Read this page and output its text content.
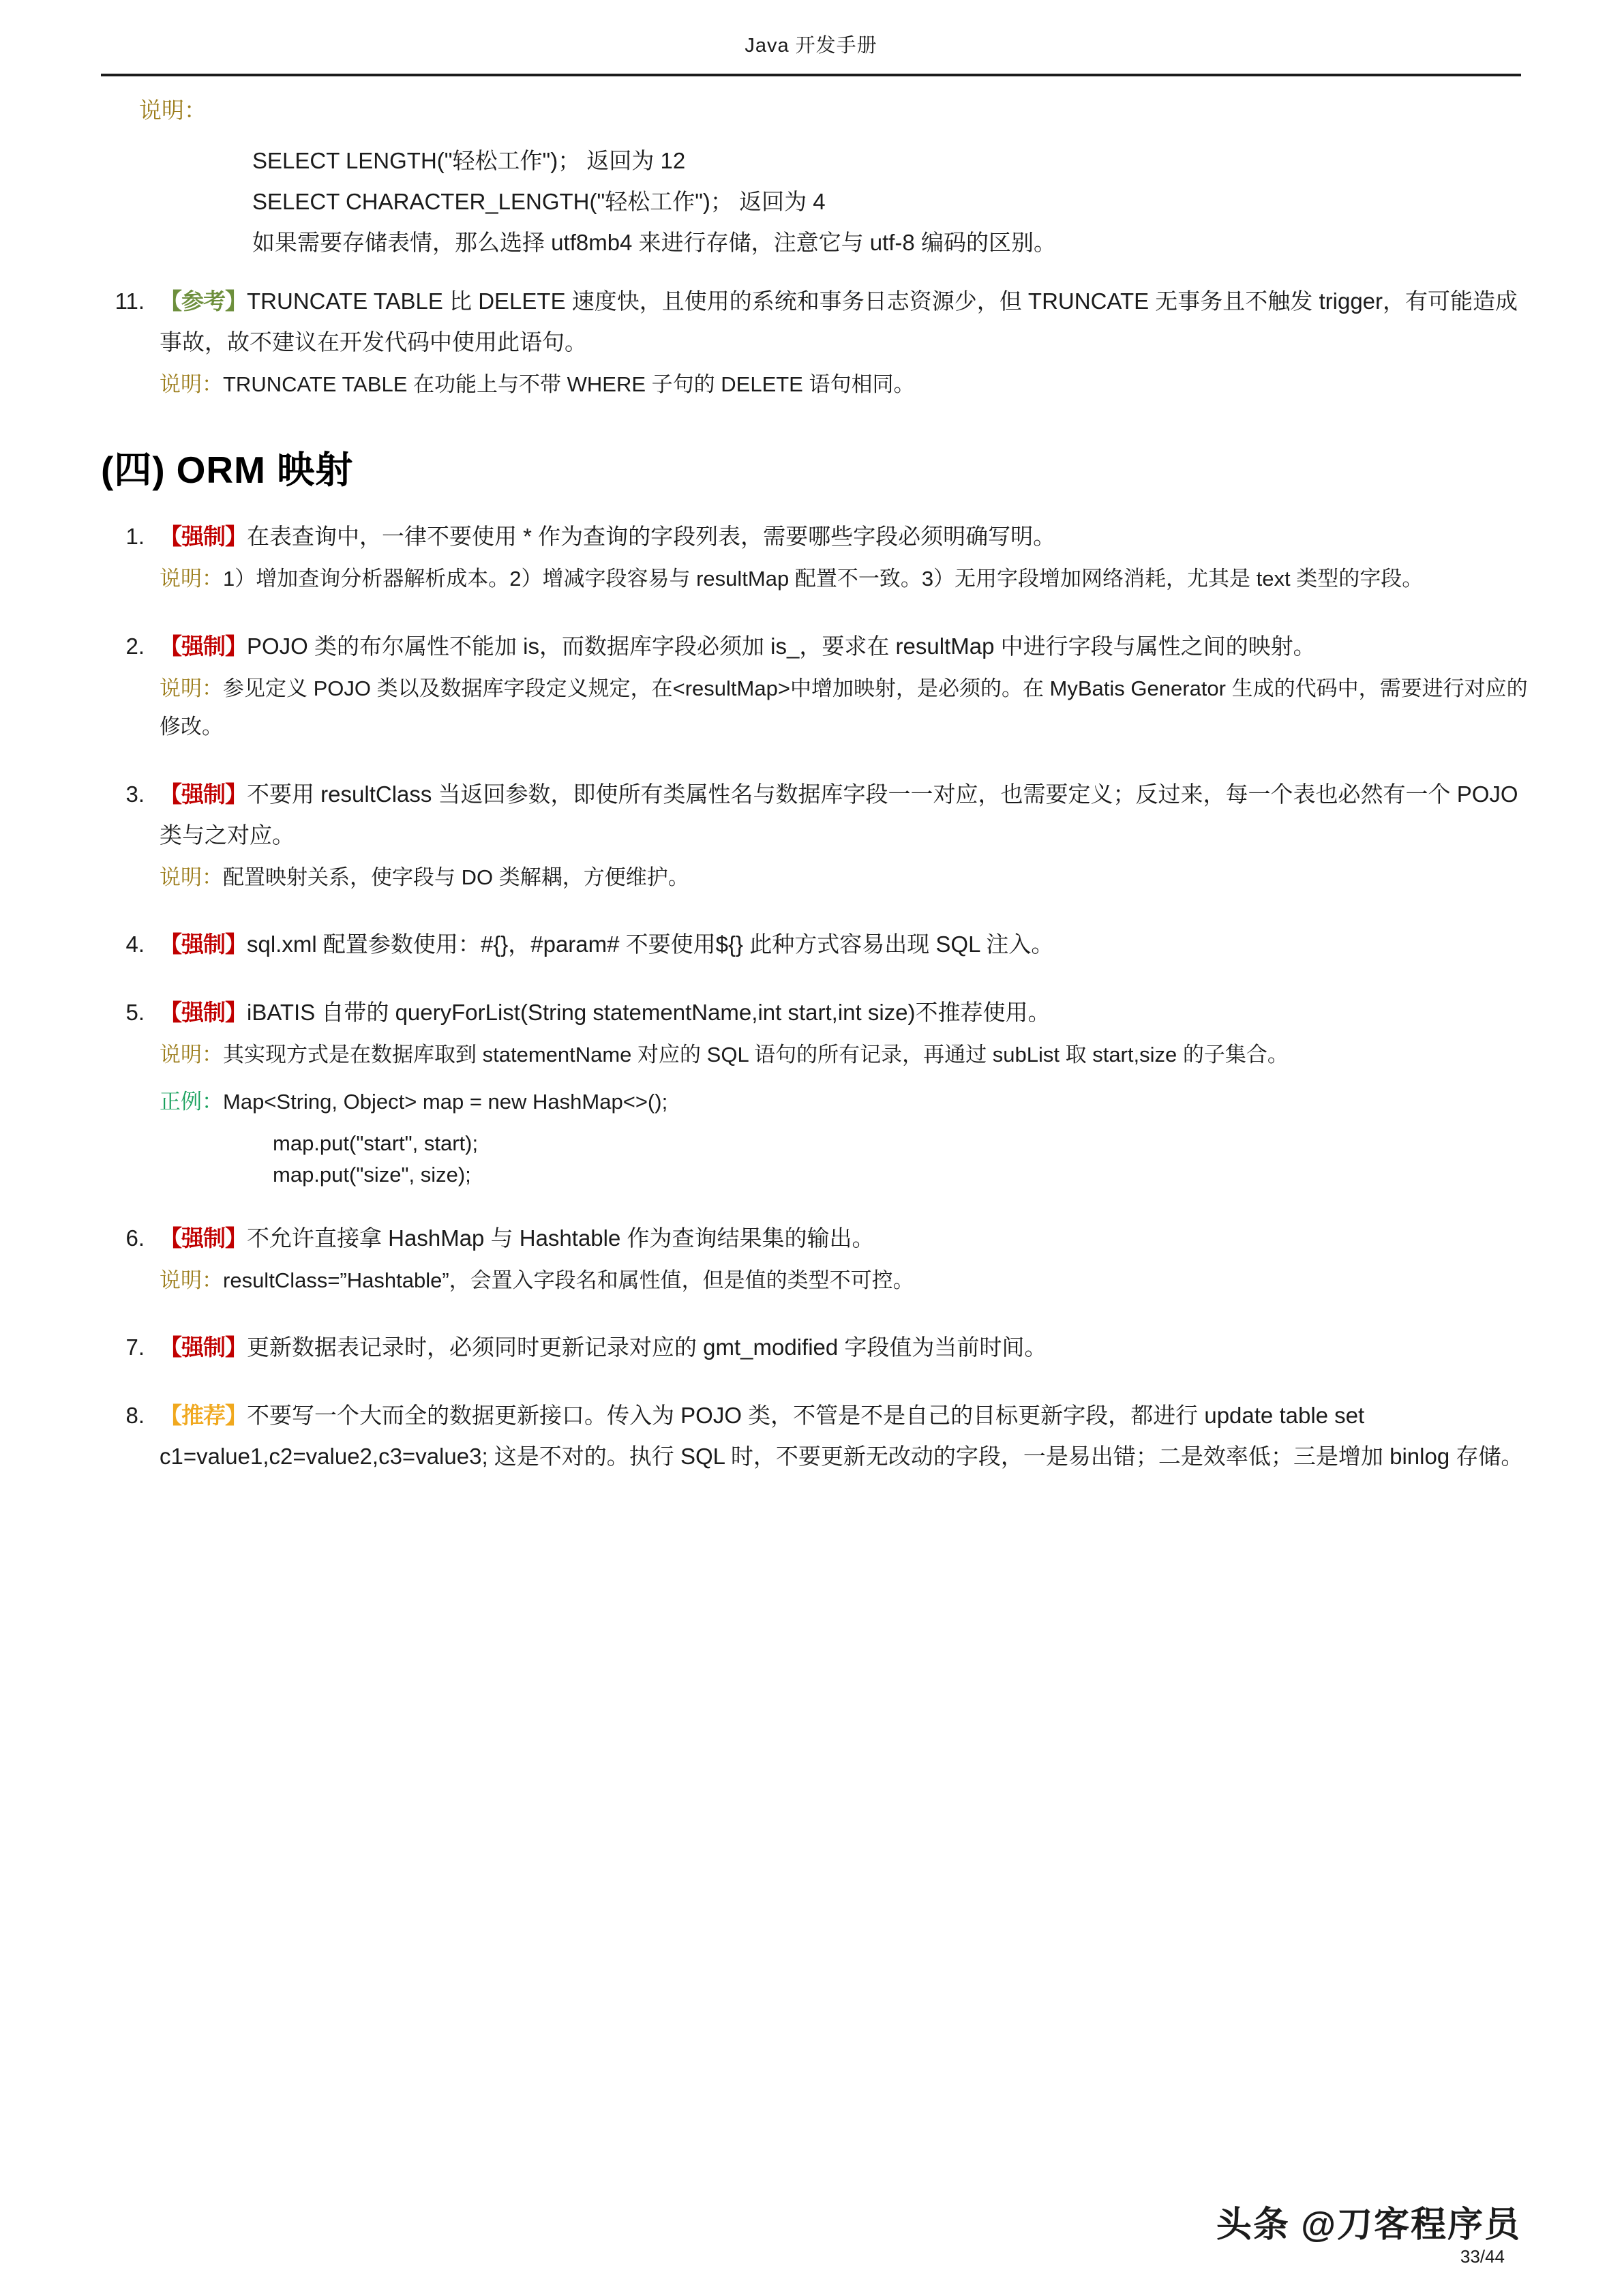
Java 开发手册
说明：
SELECT LENGTH("轻松工作")； 返回为 12
SELECT CHARACTER_LENGTH("轻松工作")； 返回为 4
如果需要存储表情，那么选择 utf8mb4 来进行存储，注意它与 utf-8 编码的区别。
11. 【参考】TRUNCATE TABLE 比 DELETE 速度快，且使用的系统和事务日志资源少，但 TRUNCATE 无事务且不触发 trigger，有可能造成事故，故不建议在开发代码中使用此语句。
说明：TRUNCATE TABLE 在功能上与不带 WHERE 子句的 DELETE 语句相同。
(四) ORM 映射
1. 【强制】在表查询中，一律不要使用 * 作为查询的字段列表，需要哪些字段必须明确写明。
说明：1）增加查询分析器解析成本。2）增减字段容易与 resultMap 配置不一致。3）无用字段增加网络消耗，尤其是 text 类型的字段。
2. 【强制】POJO 类的布尔属性不能加 is，而数据库字段必须加 is_，要求在 resultMap 中进行字段与属性之间的映射。
说明：参见定义 POJO 类以及数据库字段定义规定，在<resultMap>中增加映射，是必须的。在 MyBatis Generator 生成的代码中，需要进行对应的修改。
3. 【强制】不要用 resultClass 当返回参数，即使所有类属性名与数据库字段一一对应，也需要定义；反过来，每一个表也必然有一个 POJO 类与之对应。
说明：配置映射关系，使字段与 DO 类解耦，方便维护。
4. 【强制】sql.xml 配置参数使用：#{}，#param# 不要使用${} 此种方式容易出现 SQL 注入。
5. 【强制】iBATIS 自带的 queryForList(String statementName,int start,int size)不推荐使用。
说明：其实现方式是在数据库取到 statementName 对应的 SQL 语句的所有记录，再通过 subList 取 start,size 的子集合。
正例：Map<String, Object> map = new HashMap<>();
map.put("start", start);
map.put("size", size);
6. 【强制】不允许直接拿 HashMap 与 Hashtable 作为查询结果集的输出。
说明：resultClass=”Hashtable”，会置入字段名和属性值，但是值的类型不可控。
7. 【强制】更新数据表记录时，必须同时更新记录对应的 gmt_modified 字段值为当前时间。
8. 【推荐】不要写一个大而全的数据更新接口。传入为 POJO 类，不管是不是自己的目标更新字段，都进行 update table set c1=value1,c2=value2,c3=value3; 这是不对的。执行 SQL 时，不要更新无改动的字段，一是易出错；二是效率低；三是增加 binlog 存储。
头条 @刀客程序员
33/44
